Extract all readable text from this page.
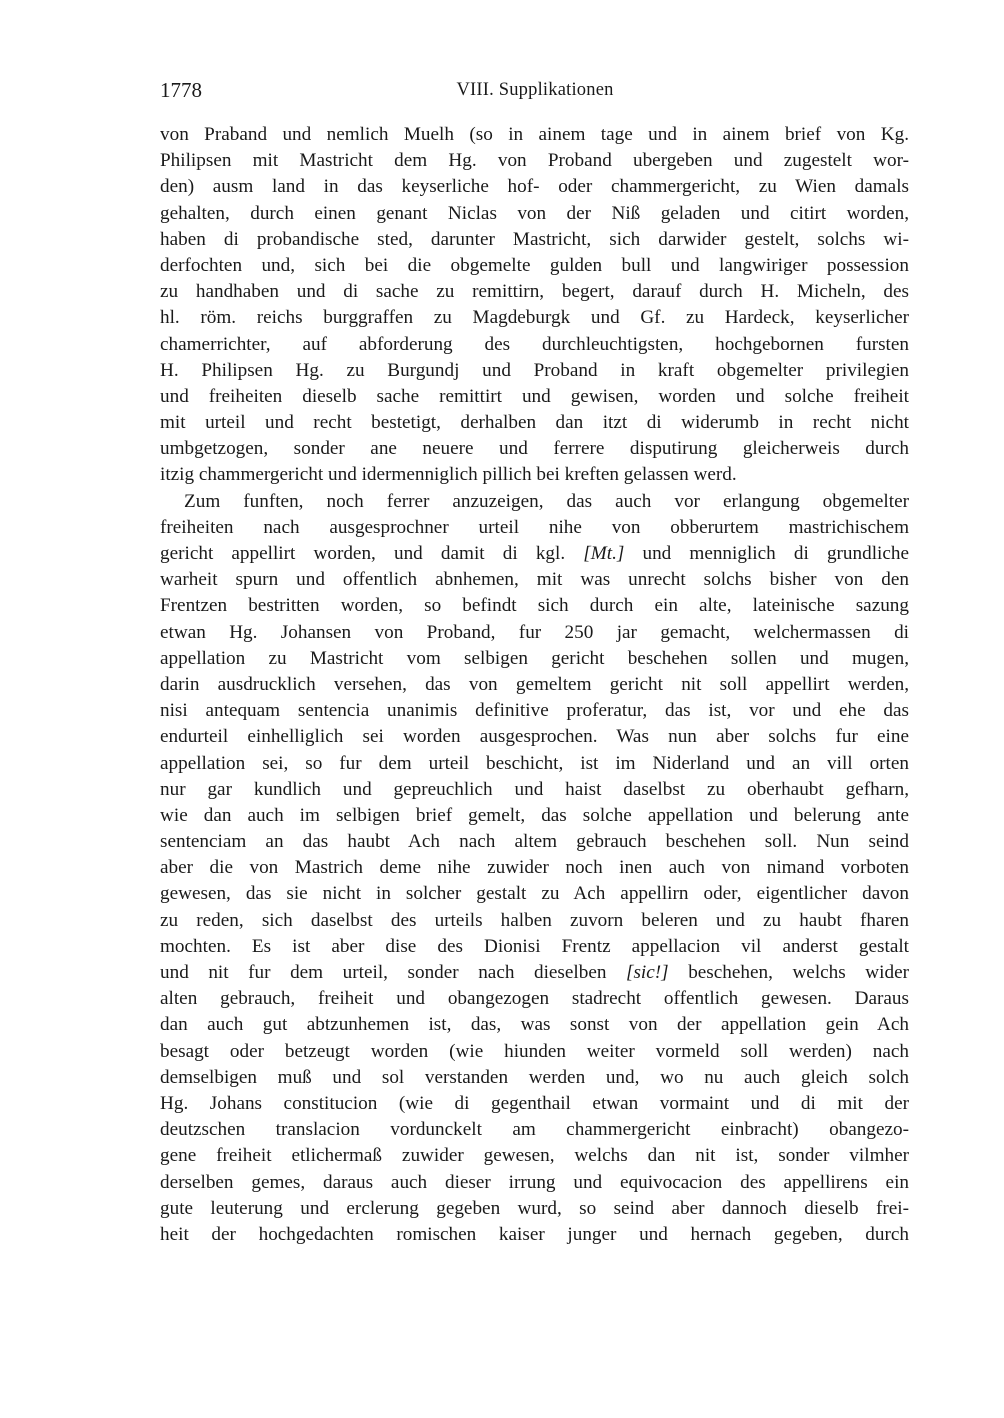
1778	VIII. Supplikationen
von Praband und nemlich Muelh (so in ainem tage und in ainem brief von Kg.
Philipsen mit Mastricht dem Hg. von Proband ubergeben und zugestelt wor-
den) ausm land in das keyserliche hof- oder chammergericht, zu Wien damals
gehalten, durch einen genant Niclas von der Niß geladen und citirt worden,
haben di probandische sted, darunter Mastricht, sich darwider gestelt, solchs wi-
derfochten und, sich bei die obgemelte gulden bull und langwiriger possession
zu handhaben und di sache zu remittirn, begert, darauf durch H. Micheln, des
hl. röm. reichs burggraffen zu Magdeburgk und Gf. zu Hardeck, keyserlicher
chamerrichter, auf abforderung des durchleuchtigsten, hochgebornen fursten
H. Philipsen Hg. zu Burgundj und Proband in kraft obgemelter privilegien
und freiheiten dieselb sache remittirt und gewisen, worden und solche freiheit
mit urteil und recht bestetigt, derhalben dan itzt di widerumb in recht nicht
umbgetzogen, sonder ane neuere und ferrere disputirung gleicherweis durch
itzig chammergericht und idermenniglich pillich bei kreften gelassen werd.
Zum funften, noch ferrer anzuzeigen, das auch vor erlangung obgemelter
freiheiten nach ausgesprochner urteil nihe von obberurtem mastrichischem
gericht appellirt worden, und damit di kgl. [Mt.] und menniglich di grundliche
warheit spurn und offentlich abnhemen, mit was unrecht solchs bisher von den
Frentzen bestritten worden, so befindt sich durch ein alte, lateinische sazung
etwan Hg. Johansen von Proband, fur 250 jar gemacht, welchermassen di
appellation zu Mastricht vom selbigen gericht beschehen sollen und mugen,
darin ausdrucklich versehen, das von gemeltem gericht nit soll appellirt werden,
nisi antequam sentencia unanimis definitive proferatur, das ist, vor und ehe das
endurteil einhelliglich sei worden ausgesprochen. Was nun aber solchs fur eine
appellation sei, so fur dem urteil beschicht, ist im Niderland und an vill orten
nur gar kundlich und gepreuchlich und haist daselbst zu oberhaubt gefharn,
wie dan auch im selbigen brief gemelt, das solche appellation und belerung ante
sentenciam an das haubt Ach nach altem gebrauch beschehen soll. Nun seind
aber die von Mastrich deme nihe zuwider noch inen auch von nimand vorboten
gewesen, das sie nicht in solcher gestalt zu Ach appellirn oder, eigentlicher davon
zu reden, sich daselbst des urteils halben zuvorn beleren und zu haubt fharen
mochten. Es ist aber dise des Dionisi Frentz appellacion vil anderst gestalt
und nit fur dem urteil, sonder nach dieselben [sic!] beschehen, welchs wider
alten gebrauch, freiheit und obangezogen stadrecht offentlich gewesen. Daraus
dan auch gut abtzunhemen ist, das, was sonst von der appellation gein Ach
besagt oder betzeugt worden (wie hiunden weiter vormeld soll werden) nach
demselbigen muß und sol verstanden werden und, wo nu auch gleich solch
Hg. Johans constitucion (wie di gegenthail etwan vormaint und di mit der
deutzschen translacion vordunckelt am chammergericht einbracht) obangezo-
gene freiheit etlichermaß zuwider gewesen, welchs dan nit ist, sonder vilmher
derselben gemes, daraus auch dieser irrung und equivocacion des appellirens ein
gute leuterung und erclerung gegeben wurd, so seind aber dannoch dieselb frei-
heit der hochgedachten romischen kaiser junger und hernach gegeben, durch
